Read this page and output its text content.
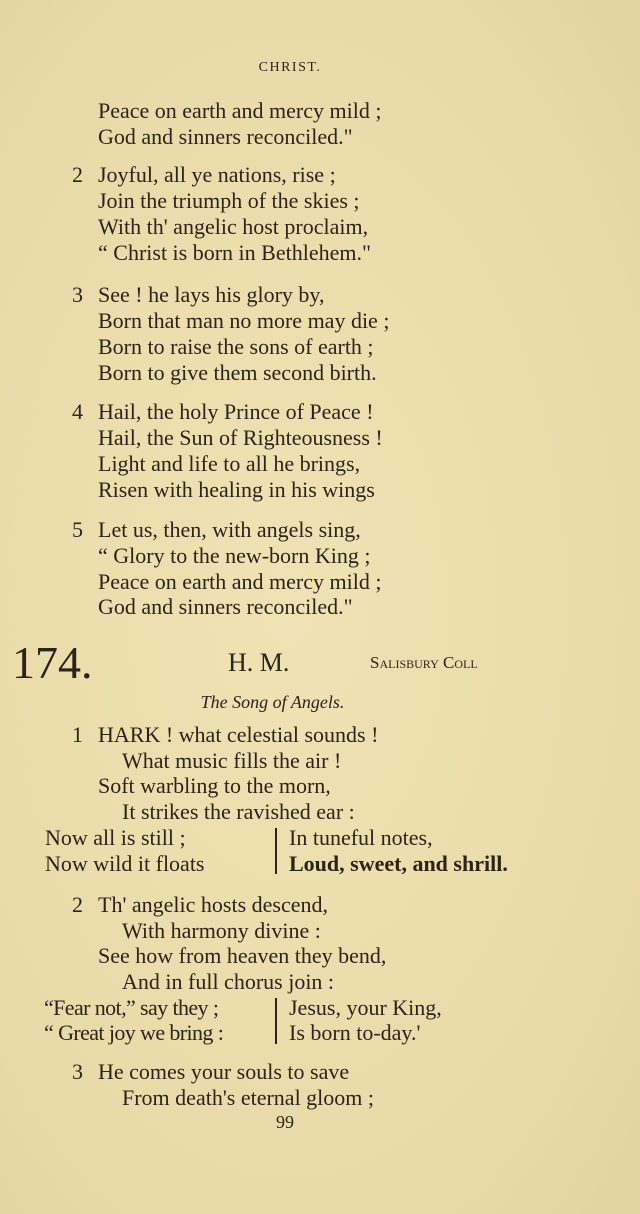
CHRIST.
Peace on earth and mercy mild ;
God and sinners reconciled."
2 Joyful, all ye nations, rise ;
Join the triumph of the skies ;
With th' angelic host proclaim,
“ Christ is born in Bethlehem."
3 See ! he lays his glory by,
Born that man no more may die ;
Born to raise the sons of earth ;
Born to give them second birth.
4 Hail, the holy Prince of Peace !
Hail, the Sun of Righteousness !
Light and life to all he brings,
Risen with healing in his wings
5 Let us, then, with angels sing,
“ Glory to the new-born King ;
Peace on earth and mercy mild ;
God and sinners reconciled."
174.	H. M.	Salisbury Coll
The Song of Angels.
1 HARK ! what celestial sounds !
What music fills the air !
Soft warbling to the morn,
It strikes the ravished ear :
Now all is still ;
Now wild it floats
In tuneful notes,
Loud, sweet, and shrill.
2 Th' angelic hosts descend,
With harmony divine :
See how from heaven they bend,
And in full chorus join :
“Fear not,” say they ;
“ Great joy we bring :
Jesus, your King,
Is born to-day.'
3 He comes your souls to save
From death's eternal gloom ;
99
